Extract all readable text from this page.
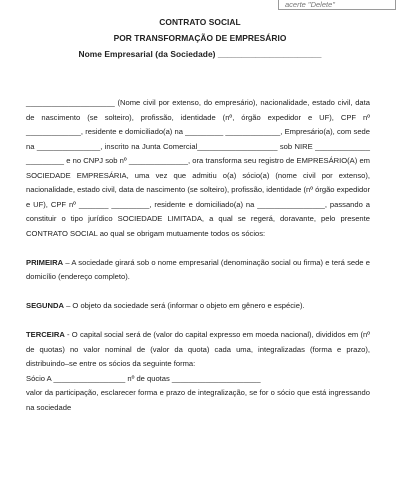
acerte "Delete"
CONTRATO SOCIAL
POR TRANSFORMAÇÃO DE EMPRESÁRIO
Nome Empresarial (da Sociedade) ______________________

_____________________ (Nome civil por extenso, do empresário), nacionalidade, estado civil, data de nascimento (se solteiro), profissão, identidade (nº, órgão expedidor e UF), CPF nº _____________, residente e domiciliado(a) na _________ _____________, Empresário(a), com sede na _______________, inscrito na Junta Comercial___________________ sob NIRE _____________ _________ e no CNPJ sob nº ______________, ora transforma seu registro de EMPRESÁRIO(A) em SOCIEDADE EMPRESÁRIA, uma vez que admitiu o(a) sócio(a) (nome civil por extenso), nacionalidade, estado civil, data de nascimento (se solteiro), profissão, identidade (nº órgão expedidor e UF), CPF nº _______ _________, residente e domiciliado(a) na ________________, passando a constituir o tipo jurídico SOCIEDADE LIMITADA, a qual se regerá, doravante, pelo presente CONTRATO SOCIAL ao qual se obrigam mutuamente todos os sócios:

PRIMEIRA – A sociedade girará sob o nome empresarial (denominação social ou firma) e terá sede e domicílio (endereço completo).

SEGUNDA – O objeto da sociedade será (informar o objeto em gênero e espécie).

TERCEIRA - O capital social será de (valor do capital expresso em moeda nacional), divididos em (nº de quotas) no valor nominal de (valor da quota) cada uma, integralizadas (forma e prazo), distribuindo–se entre os sócios da seguinte forma:

Sócio A _________________ nº de quotas _____________________

valor da participação, esclarecer forma e prazo de integralização, se for o sócio que está ingressando na sociedade
